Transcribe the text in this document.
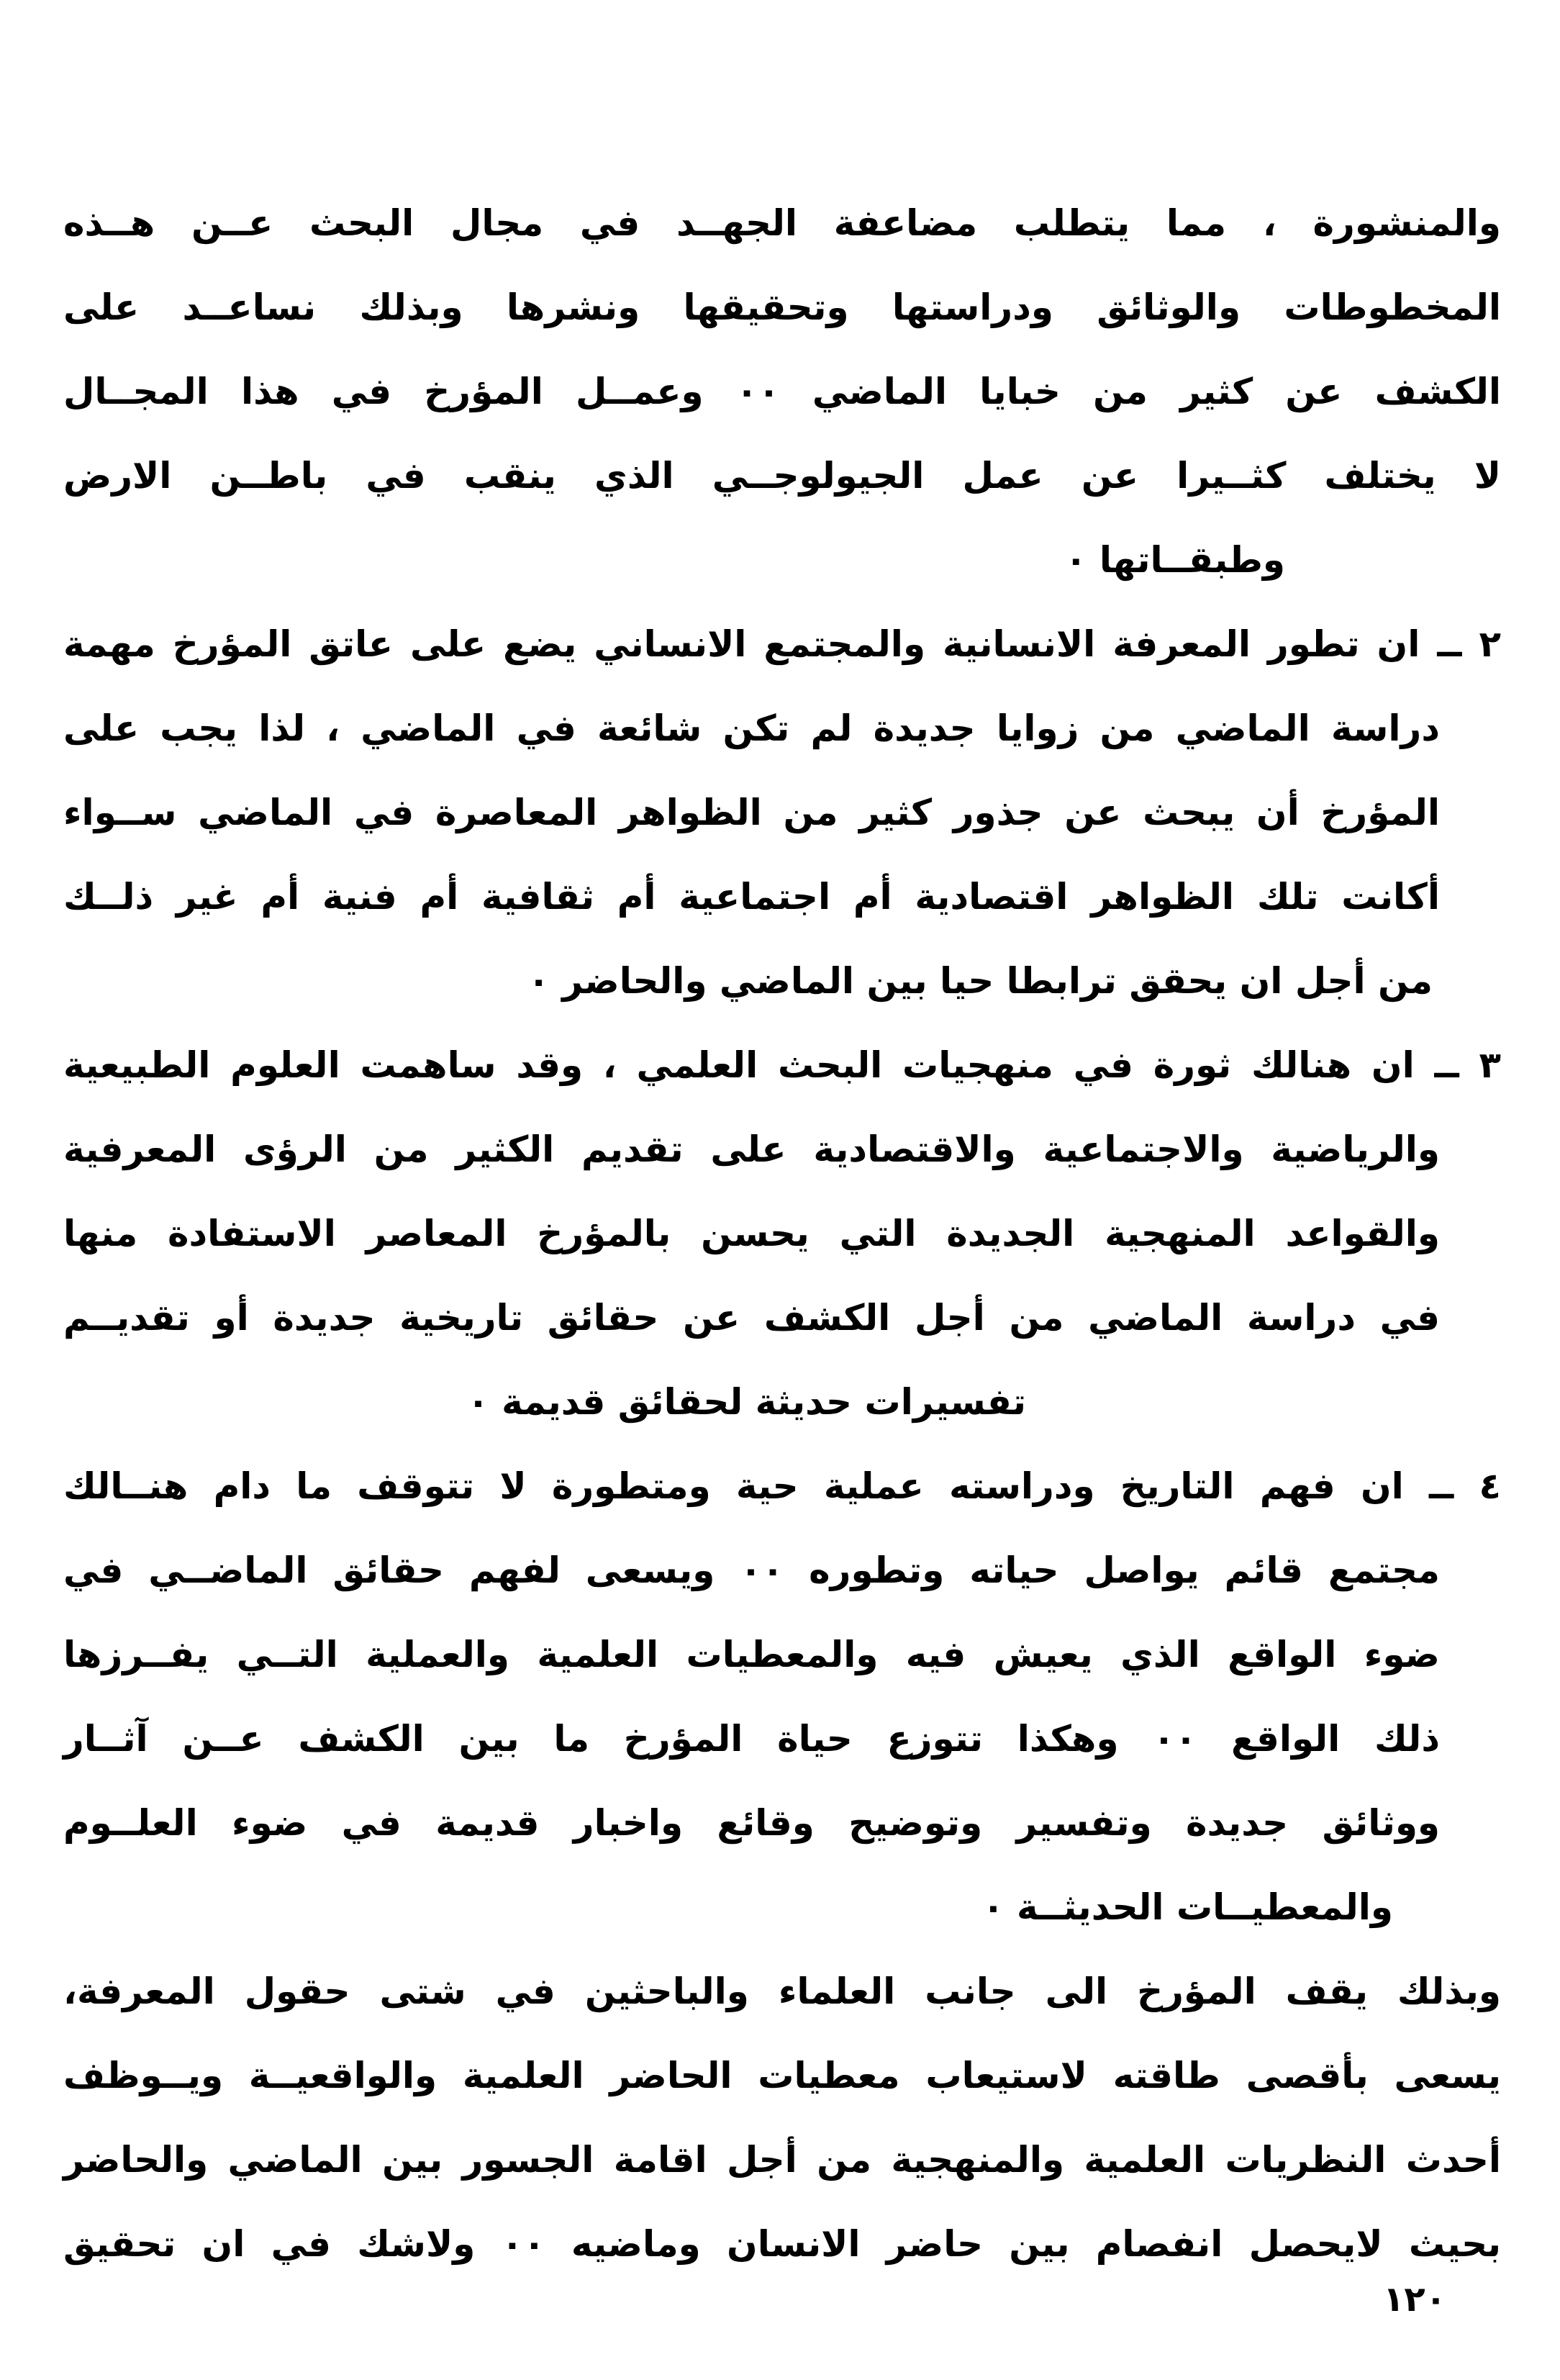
والمنشورة ، مما يتطلب مضاعفة الجهــد في مجال البحث عــن هــذه
المخطوطات والوثائق ودراستها وتحقيقها ونشرها وبذلك نساعــد على
الكشف عن كثير من خبايا الماضي ٠٠ وعمــل المؤرخ في هذا المجــال
لا يختلف كثــيرا عن عمل الجيولوجــي الذي ينقب في باطــن الارض
وطبقــاتها ٠
٢ ــ ان تطور المعرفة الانسانية والمجتمع الانساني يضع على عاتق المؤرخ مهمة
دراسة الماضي من زوايا جديدة لم تكن شائعة في الماضي ، لذا يجب على
المؤرخ أن يبحث عن جذور كثير من الظواهر المعاصرة في الماضي ســواء
أكانت تلك الظواهر اقتصادية أم اجتماعية أم ثقافية أم فنية أم غير ذلــك
من أجل ان يحقق ترابطا حيا بين الماضي والحاضر ٠
٣ ــ ان هنالك ثورة في منهجيات البحث العلمي ، وقد ساهمت العلوم الطبيعية
والرياضية والاجتماعية والاقتصادية على تقديم الكثير من الرؤى المعرفية
والقواعد المنهجية الجديدة التي يحسن بالمؤرخ المعاصر الاستفادة منها
في دراسة الماضي من أجل الكشف عن حقائق تاريخية جديدة أو تقديــم
تفسيرات حديثة لحقائق قديمة ٠
٤ ــ ان فهم التاريخ ودراسته عملية حية ومتطورة لا تتوقف ما دام هنــالك
مجتمع قائم يواصل حياته وتطوره ٠٠ ويسعى لفهم حقائق الماضــي في
ضوء الواقع الذي يعيش فيه والمعطيات العلمية والعملية التــي يفــرزها
ذلك الواقع ٠٠ وهكذا تتوزع حياة المؤرخ ما بين الكشف عــن آثــار
ووثائق جديدة وتفسير وتوضيح وقائع واخبار قديمة في ضوء العلــوم
والمعطيــات الحديثــة ٠
وبذلك يقف المؤرخ الى جانب العلماء والباحثين في شتى حقول المعرفة،
يسعى بأقصى طاقته لاستيعاب معطيات الحاضر العلمية والواقعيــة ويــوظف
أحدث النظريات العلمية والمنهجية من أجل اقامة الجسور بين الماضي والحاضر
بحيث لايحصل انفصام بين حاضر الانسان وماضيه ٠٠ ولاشك في ان تحقيق
١٢٠
